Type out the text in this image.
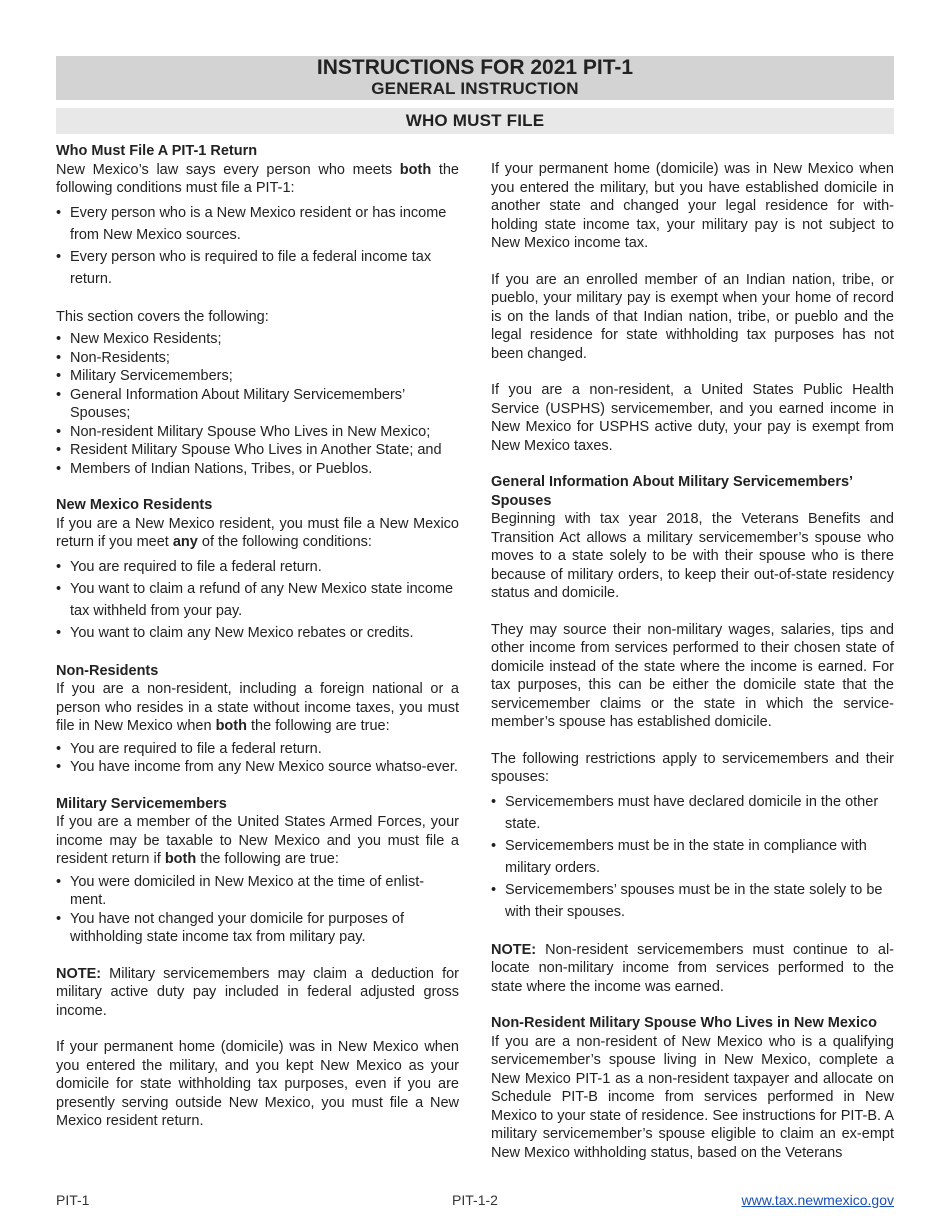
INSTRUCTIONS FOR 2021 PIT-1
GENERAL INSTRUCTION
WHO MUST FILE
Who Must File A PIT-1 Return

New Mexico’s law says every person who meets both the following conditions must file a PIT-1:

• Every person who is a New Mexico resident or has income from New Mexico sources.
• Every person who is required to file a federal income tax return.

This section covers the following:

• New Mexico Residents;
• Non-Residents;
• Military Servicemembers;
• General Information About Military Servicemembers’ Spouses;
• Non-resident Military Spouse Who Lives in New Mexico;
• Resident Military Spouse Who Lives in Another State; and
• Members of Indian Nations, Tribes, or Pueblos.
New Mexico Residents

If you are a New Mexico resident, you must file a New Mexico return if you meet any of the following conditions:

• You are required to file a federal return.
• You want to claim a refund of any New Mexico state income tax withheld from your pay.
• You want to claim any New Mexico rebates or credits.
Non-Residents

If you are a non-resident, including a foreign national or a person who resides in a state without income taxes, you must file in New Mexico when both the following are true:

• You are required to file a federal return.
• You have income from any New Mexico source whatso-ever.
Military Servicemembers

If you are a member of the United States Armed Forces, your income may be taxable to New Mexico and you must file a resident return if both the following are true:

• You were domiciled in New Mexico at the time of enlist-ment.
• You have not changed your domicile for purposes of withholding state income tax from military pay.

NOTE: Military servicemembers may claim a deduction for military active duty pay included in federal adjusted gross income.

If your permanent home (domicile) was in New Mexico when you entered the military, and you kept New Mexico as your domicile for state withholding tax purposes, even if you are presently serving outside New Mexico, you must file a New Mexico resident return.

If your permanent home (domicile) was in New Mexico when you entered the military, but you have established domicile in another state and changed your legal residence for with-holding state income tax, your military pay is not subject to New Mexico income tax.

If you are an enrolled member of an Indian nation, tribe, or pueblo, your military pay is exempt when your home of record is on the lands of that Indian nation, tribe, or pueblo and the legal residence for state withholding tax purposes has not been changed.

If you are a non-resident, a United States Public Health Service (USPHS) servicemember, and you earned income in New Mexico for USPHS active duty, your pay is exempt from New Mexico taxes.

General Information About Military Servicemembers’ Spouses

Beginning with tax year 2018, the Veterans Benefits and Transition Act allows a military servicemember’s spouse who moves to a state solely to be with their spouse who is there because of military orders, to keep their out-of-state residency status and domicile.

They may source their non-military wages, salaries, tips and other income from services performed to their chosen state of domicile instead of the state where the income is earned. For tax purposes, this can be either the domicile state that the servicemember claims or the state in which the service-member’s spouse has established domicile.

The following restrictions apply to servicemembers and their spouses:

• Servicemembers must have declared domicile in the other state.
• Servicemembers must be in the state in compliance with military orders.
• Servicemembers’ spouses must be in the state solely to be with their spouses.

NOTE: Non-resident servicemembers must continue to al-locate non-military income from services performed to the state where the income was earned.

Non-Resident Military Spouse Who Lives in New Mexico

If you are a non-resident of New Mexico who is a qualifying servicemember’s spouse living in New Mexico, complete a New Mexico PIT-1 as a non-resident taxpayer and allocate on Schedule PIT-B income from services performed in New Mexico to your state of residence. See instructions for PIT-B. A military servicemember’s spouse eligible to claim an ex-empt New Mexico withholding status, based on the Veterans

PIT-1	PIT-1-2	www.tax.newmexico.gov
